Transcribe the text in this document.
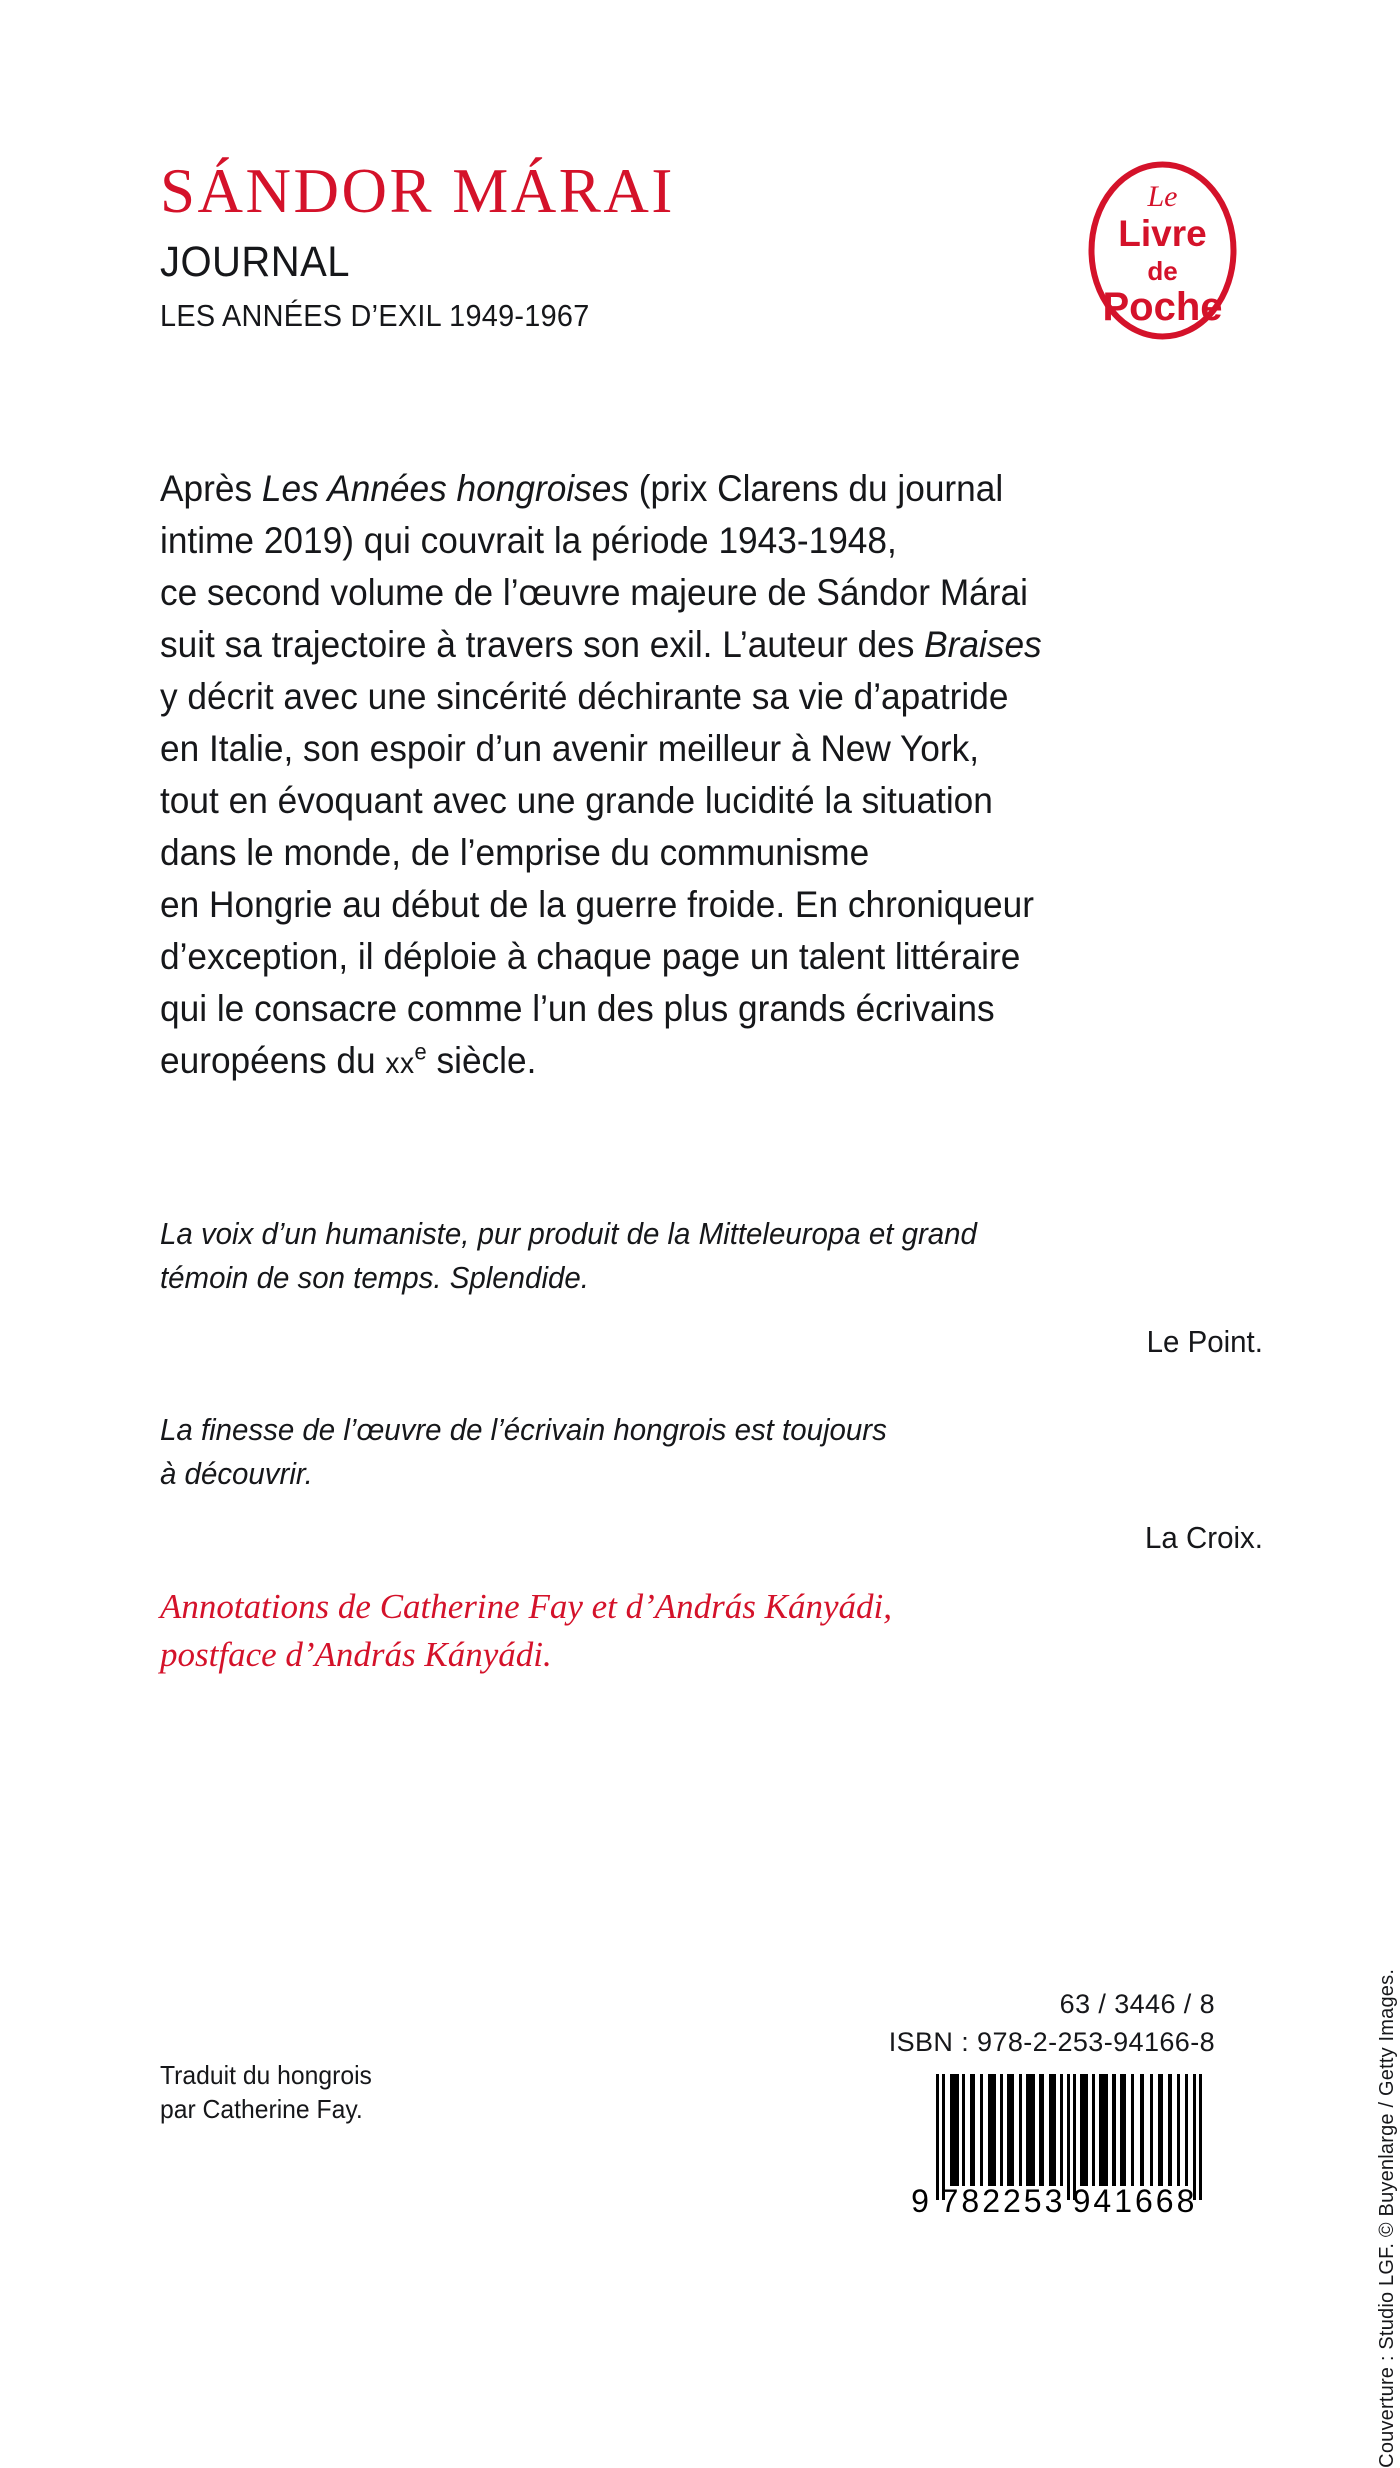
SÁNDOR MÁRAI
JOURNAL
LES ANNÉES D’EXIL 1949-1967
Le
Livre
de
Poche
Après Les Années hongroises (prix Clarens du journal
intime 2019) qui couvrait la période 1943-1948,
ce second volume de l’œuvre majeure de Sándor Márai
suit sa trajectoire à travers son exil. L’auteur des Braises
y décrit avec une sincérité déchirante sa vie d’apatride
en Italie, son espoir d’un avenir meilleur à New York,
tout en évoquant avec une grande lucidité la situation
dans le monde, de l’emprise du communisme
en Hongrie au début de la guerre froide. En chroniqueur
d’exception, il déploie à chaque page un talent littéraire
qui le consacre comme l’un des plus grands écrivains
européens du $xx^e$ siècle.
La voix d’un humaniste, pur produit de la Mitteleuropa et grand
témoin de son temps. Splendide.
Le Point.
La finesse de l’œuvre de l’écrivain hongrois est toujours
à découvrir.
La Croix.
Annotations de Catherine Fay et d’András Kányádi,
postface d’András Kányádi.
Couverture : Studio LGF. © Buyenlarge / Getty Images.
Traduit du hongrois
par Catherine Fay.
63 / 3446 / 8
ISBN : 978-2-253-94166-8
9 782253 941668
